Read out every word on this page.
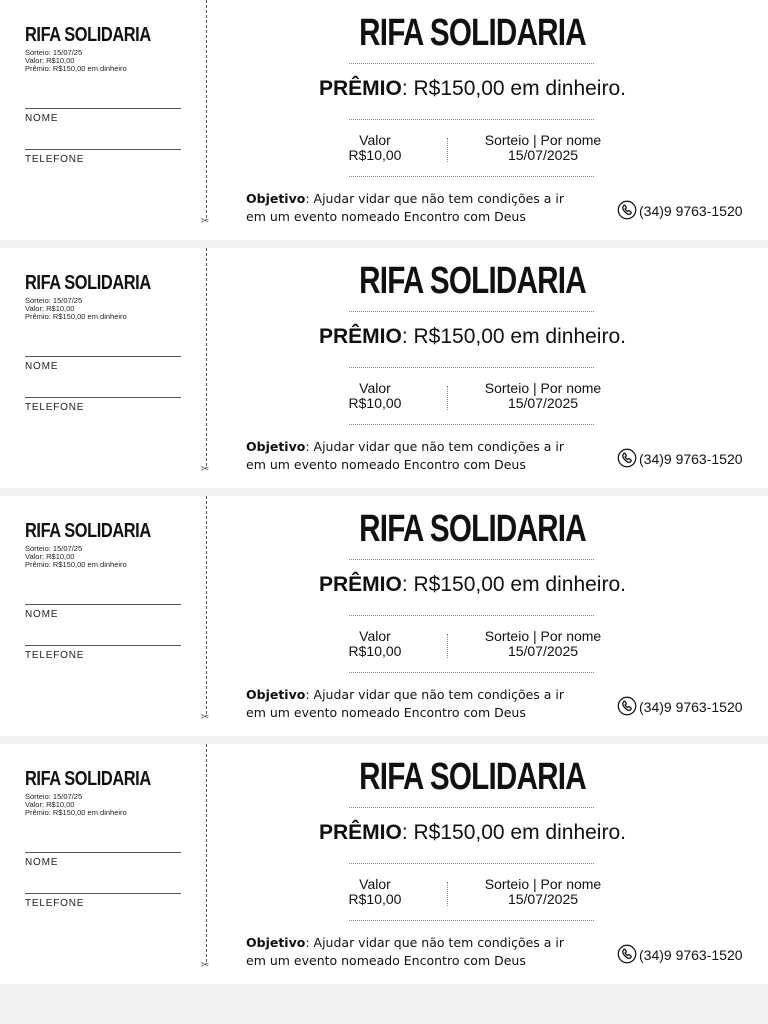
RIFA SOLIDARIA
Sorteio: 15/07/25
Valor: R$10,00
Prêmio: R$150,00 em dinheiro
NOME
TELEFONE
✂
RIFA SOLIDARIA
PRÊMIO: R$150,00 em dinheiro.
Valor
R$10,00
Sorteio | Por nome
15/07/2025
Objetivo: Ajudar vidar que não tem condições a ir em um evento nomeado Encontro com Deus	(34)9 9763-1520
RIFA SOLIDARIA
Sorteio: 15/07/25
Valor: R$10,00
Prêmio: R$150,00 em dinheiro
NOME
TELEFONE
✂
RIFA SOLIDARIA
PRÊMIO: R$150,00 em dinheiro.
Valor
R$10,00
Sorteio | Por nome
15/07/2025
Objetivo: Ajudar vidar que não tem condições a ir em um evento nomeado Encontro com Deus	(34)9 9763-1520
RIFA SOLIDARIA
Sorteio: 15/07/25
Valor: R$10,00
Prêmio: R$150,00 em dinheiro
NOME
TELEFONE
✂
RIFA SOLIDARIA
PRÊMIO: R$150,00 em dinheiro.
Valor
R$10,00
Sorteio | Por nome
15/07/2025
Objetivo: Ajudar vidar que não tem condições a ir em um evento nomeado Encontro com Deus	(34)9 9763-1520
RIFA SOLIDARIA
Sorteio: 15/07/25
Valor: R$10,00
Prêmio: R$150,00 em dinheiro
NOME
TELEFONE
✂
RIFA SOLIDARIA
PRÊMIO: R$150,00 em dinheiro.
Valor
R$10,00
Sorteio | Por nome
15/07/2025
Objetivo: Ajudar vidar que não tem condições a ir em um evento nomeado Encontro com Deus	(34)9 9763-1520
